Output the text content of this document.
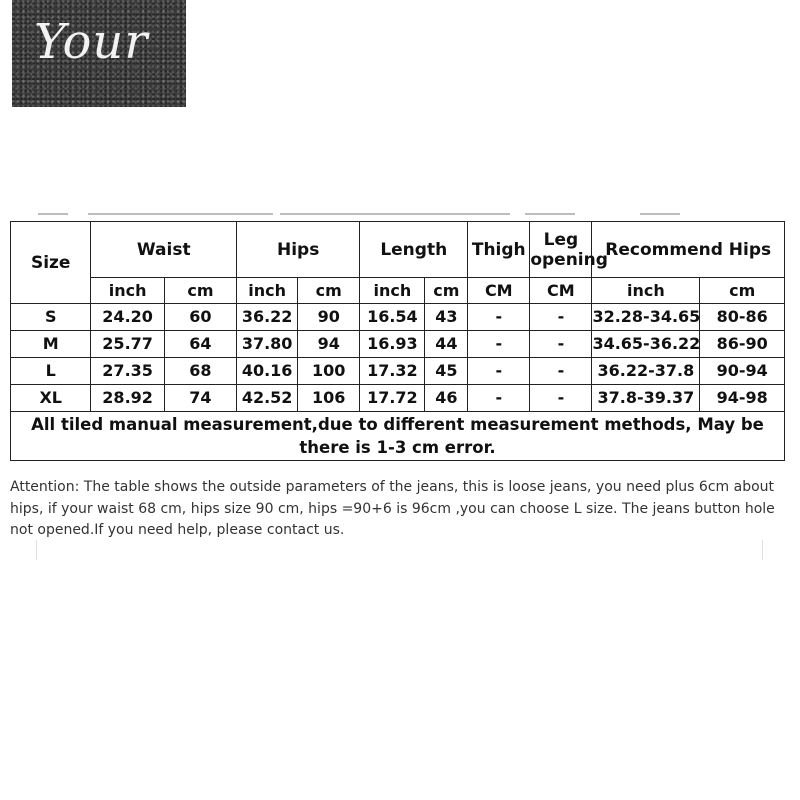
Your
Size	Waist		Hips		Length		Thigh	Leg opening	Recommend Hips	
	inch	cm	inch	cm	inch	cm	CM	CM	inch	cm
S	24.20	60	36.22	90	16.54	43	-	-	32.28-34.65	80-86
M	25.77	64	37.80	94	16.93	44	-	-	34.65-36.22	86-90
L	27.35	68	40.16	100	17.32	45	-	-	36.22-37.8	90-94
XL	28.92	74	42.52	106	17.72	46	-	-	37.8-39.37	94-98
All tiled manual measurement,due to different measurement methods, May be there is 1-3 cm error.										
Attention: The table shows the outside parameters of the jeans, this is loose jeans, you need plus 6cm about hips, if your waist 68 cm, hips size 90 cm, hips =90+6 is 96cm ,you can choose L size. The jeans button hole not opened.If you need help, please contact us.
